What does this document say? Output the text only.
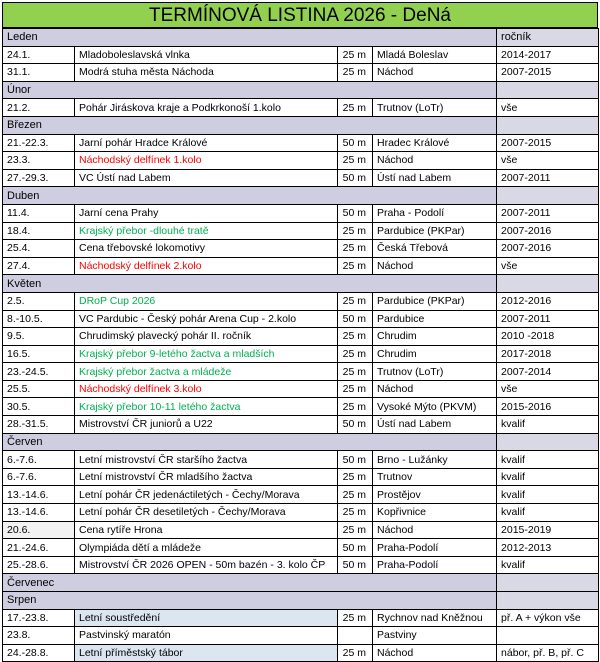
TERMÍNOVÁ LISTINA 2026 - DeNá
Leden				ročník
24.1.	Mladoboleslavská vlnka	25 m	Mladá Boleslav	2014-2017
31.1.	Modrá stuha města Náchoda	25 m	Náchod	2007-2015
Únor				
21.2.	Pohár Jiráskova kraje a Podkrkonoší 1.kolo	25 m	Trutnov (LoTr)	vše
Březen				
21.-22.3.	Jarní pohár Hradce Králové	50 m	Hradec Králové	2007-2015
23.3.	Náchodský delfínek 1.kolo	25 m	Náchod	vše
27.-29.3.	VC Ústí nad Labem	50 m	Ústí nad Labem	2007-2011
Duben				
11.4.	Jarní cena Prahy	50 m	Praha - Podolí	2007-2011
18.4.	Krajský přebor -dlouhé tratě	25 m	Pardubice (PKPar)	2007-2016
25.4.	Cena třebovské lokomotivy	25 m	Česká Třebová	2007-2016
27.4.	Náchodský delfínek 2.kolo	25 m	Náchod	vše
Květen				
2.5.	DRoP Cup 2026	25 m	Pardubice (PKPar)	2012-2016
8.-10.5.	VC Pardubic - Český pohár Arena Cup - 2.kolo	50 m	Pardubice	2007-2011
9.5.	Chrudimský plavecký pohár II. ročník	25 m	Chrudim	2010 -2018
16.5.	Krajský přebor 9-letého žactva a mladších	25 m	Chrudim	2017-2018
23.-24.5.	Krajský přebor žactva a mládeže	25 m	Trutnov (LoTr)	2007-2014
25.5.	Náchodský delfínek 3.kolo	25 m	Náchod	vše
30.5.	Krajský přebor 10-11 letého žactva	25 m	Vysoké Mýto (PKVM)	2015-2016
28.-31.5.	Mistrovství ČR juniorů a U22	50 m	Ústí nad Labem	kvalif
Červen				
6.-7.6.	Letní mistrovství ČR staršího žactva	50 m	Brno - Lužánky	kvalif
6.-7.6.	Letní mistrovství ČR mladšího žactva	25 m	Trutnov	kvalif
13.-14.6.	Letní pohár ČR jedenáctiletých - Čechy/Morava	25 m	Prostějov	kvalif
13.-14.6.	Letní pohár ČR desetiletých - Čechy/Morava	25 m	Kopřivnice	kvalif
20.6.	Cena rytíře Hrona	25 m	Náchod	2015-2019
21.-24.6.	Olympiáda dětí a mládeže	50 m	Praha-Podolí	2012-2013
25.-28.6.	Mistrovství ČR 2026 OPEN - 50m bazén - 3. kolo ČP	50 m	Praha-Podolí	kvalif
Červenec				
Srpen				
17.-23.8.	Letní soustředění	25 m	Rychnov nad Kněžnou	př. A + výkon vše
23.8.	Pastvinský maratón		Pastviny	
24.-28.8.	Letní příměstský tábor	25 m	Náchod	nábor, př. B, př. C
